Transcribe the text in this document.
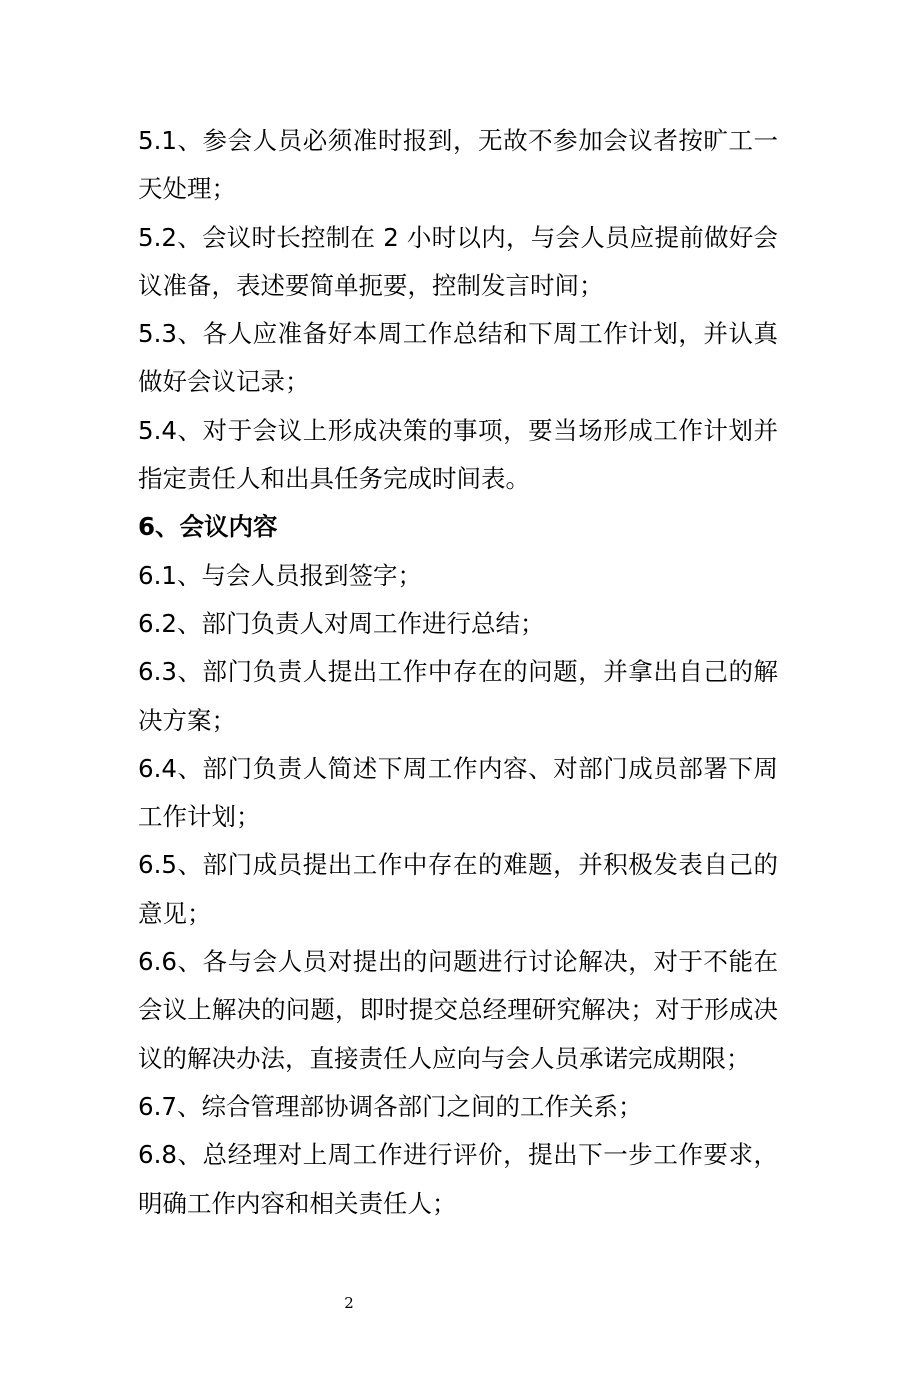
5.1、参会人员必须准时报到，无故不参加会议者按旷工一天处理；

5.2、会议时长控制在 2 小时以内，与会人员应提前做好会议准备，表述要简单扼要，控制发言时间；

5.3、各人应准备好本周工作总结和下周工作计划，并认真做好会议记录；

5.4、对于会议上形成决策的事项，要当场形成工作计划并指定责任人和出具任务完成时间表。

6、会议内容

6.1、与会人员报到签字；

6.2、部门负责人对周工作进行总结；

6.3、部门负责人提出工作中存在的问题，并拿出自己的解决方案；

6.4、部门负责人简述下周工作内容、对部门成员部署下周工作计划；

6.5、部门成员提出工作中存在的难题，并积极发表自己的意见；

6.6、各与会人员对提出的问题进行讨论解决，对于不能在会议上解决的问题，即时提交总经理研究解决；对于形成决议的解决办法，直接责任人应向与会人员承诺完成期限；

6.7、综合管理部协调各部门之间的工作关系；

6.8、总经理对上周工作进行评价，提出下一步工作要求，明确工作内容和相关责任人；

2
